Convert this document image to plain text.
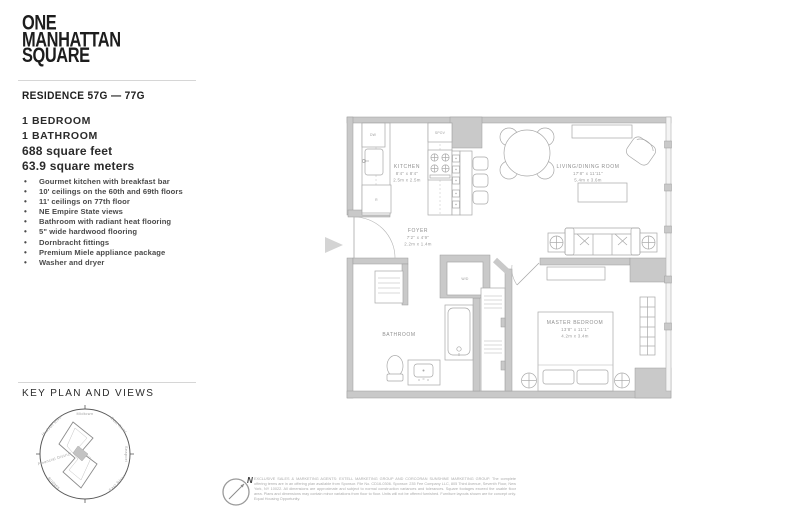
ONE
MANHATTAN
SQUARE
RESIDENCE 57G — 77G
1 BEDROOM
1 BATHROOM
688 square feet
63.9 square meters
• Gourmet kitchen with breakfast bar
• 10' ceilings on the 60th and 69th floors
• 11' ceilings on 77th floor
• NE Empire State views
• Bathroom with radiant heat flooring
• 5" wide hardwood flooring
• Dornbracht fittings
• Premium Miele appliance package
• Washer and dryer
KEY PLAN AND VIEWS
Hudson River
Midtown
East River
Seaport
East River
Bridges
Financial District
DW
R
SPOV
KITCHEN
8'4" x 8'4"
2.5m x 2.5m
LIVING/DINING ROOM
17'8" x 11'11"
5.4m x 3.6m
FOYER
7'2" x 4'9"
2.2m x 1.4m
W/D
BATHROOM
MASTER BEDROOM
13'8" x 11'1"
4.2m x 3.4m
N EXCLUSIVE SALES & MARKETING AGENTS: EXTELL MARKETING GROUP AND CORCORAN SUNSHINE MARKETING GROUP. The complete offering terms are in an offering plan available from Sponsor. File No. CD16-0306. Sponsor: 235 Fee Company LLC, 805 Third Avenue, Seventh Floor, New York, NY 10022. All dimensions are approximate and subject to normal construction variances and tolerances. Square footages exceed the usable floor area. Plans and dimensions may contain minor variations from floor to floor. Units will not be offered furnished. Furniture layouts shown are for concept only. Equal Housing Opportunity.
